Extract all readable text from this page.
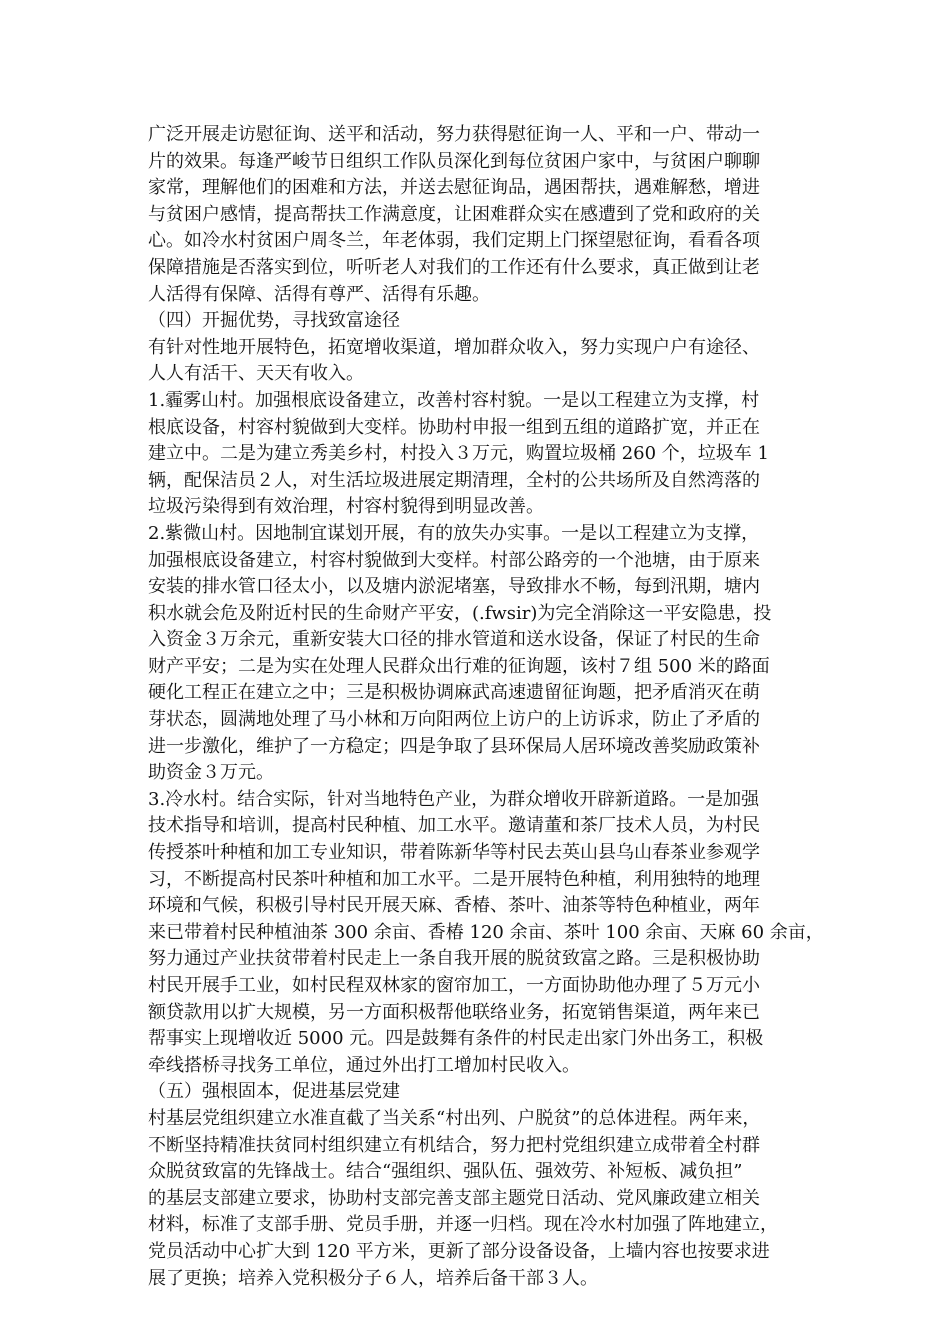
广泛开展走访慰征询、送平和活动，努力获得慰征询一人、平和一户、带动一
片的效果。每逢严峻节日组织工作队员深化到每位贫困户家中，与贫困户聊聊
家常，理解他们的困难和方法，并送去慰征询品，遇困帮扶，遇难解愁，增进
与贫困户感情，提高帮扶工作满意度，让困难群众实在感遭到了党和政府的关
心。如冷水村贫困户周冬兰，年老体弱，我们定期上门探望慰征询，看看各项
保障措施是否落实到位，听听老人对我们的工作还有什么要求，真正做到让老
人活得有保障、活得有尊严、活得有乐趣。
（四）开掘优势，寻找致富途径
有针对性地开展特色，拓宽增收渠道，增加群众收入，努力实现户户有途径、
人人有活干、天天有收入。
1.霾雾山村。加强根底设备建立，改善村容村貌。一是以工程建立为支撑，村
根底设备，村容村貌做到大变样。协助村申报一组到五组的道路扩宽，并正在
建立中。二是为建立秀美乡村，村投入３万元，购置垃圾桶 260 个，垃圾车 1
辆，配保洁员２人，对生活垃圾进展定期清理，全村的公共场所及自然湾落的
垃圾污染得到有效治理，村容村貌得到明显改善。
2.紫微山村。因地制宜谋划开展，有的放失办实事。一是以工程建立为支撑，
加强根底设备建立，村容村貌做到大变样。村部公路旁的一个池塘，由于原来
安装的排水管口径太小，以及塘内淤泥堵塞，导致排水不畅，每到汛期，塘内
积水就会危及附近村民的生命财产平安，(.fwsir)为完全消除这一平安隐患，投
入资金３万余元，重新安装大口径的排水管道和送水设备，保证了村民的生命
财产平安；二是为实在处理人民群众出行难的征询题，该村７组 500 米的路面
硬化工程正在建立之中；三是积极协调麻武高速遗留征询题，把矛盾消灭在萌
芽状态，圆满地处理了马小林和万向阳两位上访户的上访诉求，防止了矛盾的
进一步激化，维护了一方稳定；四是争取了县环保局人居环境改善奖励政策补
助资金３万元。
3.冷水村。结合实际，针对当地特色产业，为群众增收开辟新道路。一是加强
技术指导和培训，提高村民种植、加工水平。邀请董和茶厂技术人员，为村民
传授茶叶种植和加工专业知识，带着陈新华等村民去英山县乌山春茶业参观学
习，不断提高村民茶叶种植和加工水平。二是开展特色种植，利用独特的地理
环境和气候，积极引导村民开展天麻、香椿、茶叶、油茶等特色种植业，两年
来已带着村民种植油茶 300 余亩、香椿 120 余亩、茶叶 100 余亩、天麻 60 余亩，
努力通过产业扶贫带着村民走上一条自我开展的脱贫致富之路。三是积极协助
村民开展手工业，如村民程双林家的窗帘加工，一方面协助他办理了５万元小
额贷款用以扩大规模，另一方面积极帮他联络业务，拓宽销售渠道，两年来已
帮事实上现增收近 5000 元。四是鼓舞有条件的村民走出家门外出务工，积极
牵线搭桥寻找务工单位，通过外出打工增加村民收入。
（五）强根固本，促进基层党建
村基层党组织建立水准直截了当关系“村出列、户脱贫”的总体进程。两年来，
不断坚持精准扶贫同村组织建立有机结合，努力把村党组织建立成带着全村群
众脱贫致富的先锋战士。结合“强组织、强队伍、强效劳、补短板、减负担”
的基层支部建立要求，协助村支部完善支部主题党日活动、党风廉政建立相关
材料，标准了支部手册、党员手册，并逐一归档。现在冷水村加强了阵地建立，
党员活动中心扩大到 120 平方米，更新了部分设备设备，上墙内容也按要求进
展了更换；培养入党积极分子６人，培养后备干部３人。
